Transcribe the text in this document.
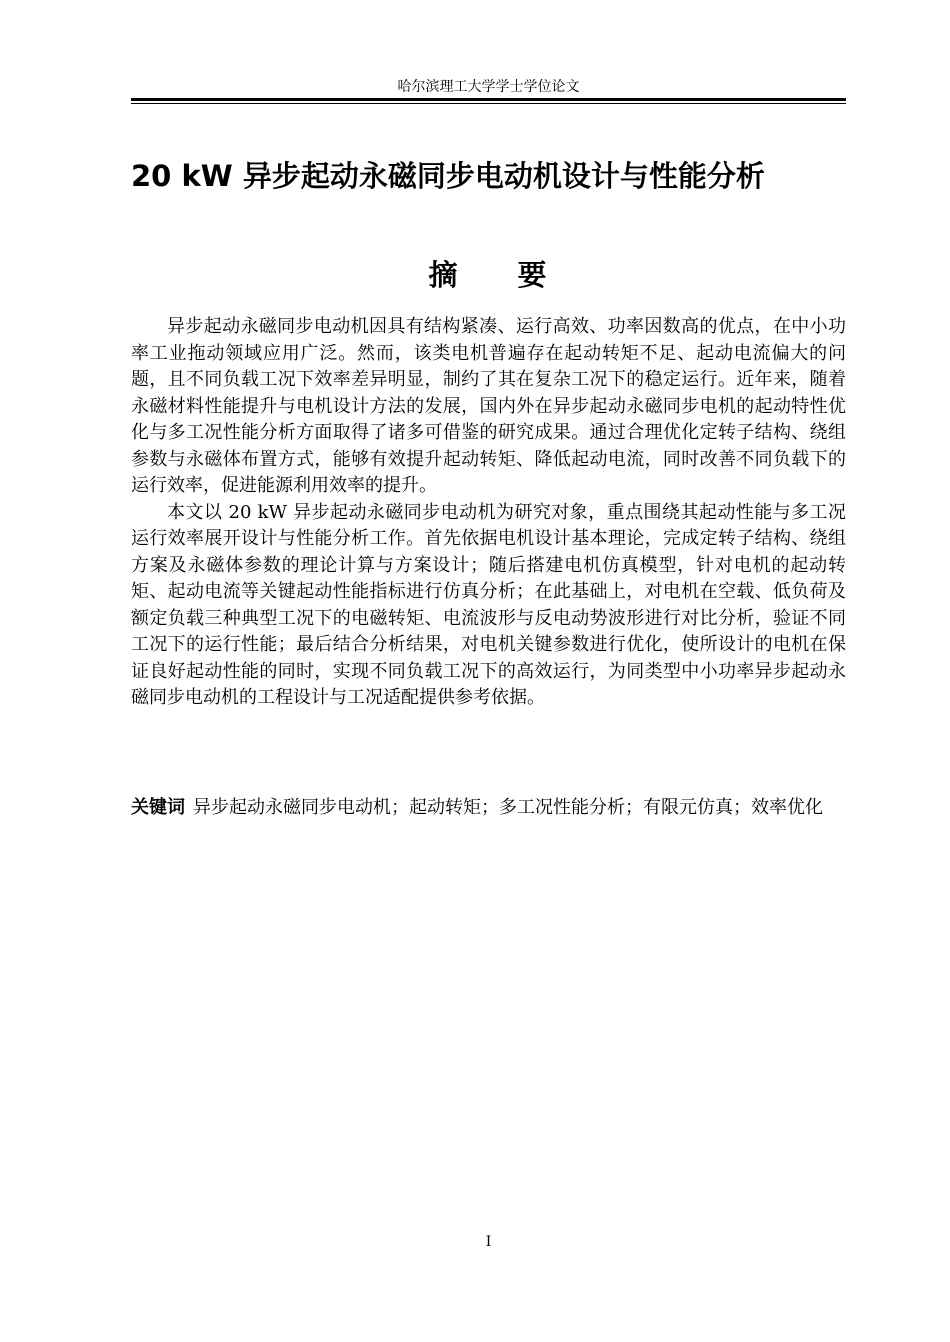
哈尔滨理工大学学士学位论文
20 kW 异步起动永磁同步电动机设计与性能分析
摘 要

异步起动永磁同步电动机因具有结构紧凑、运行高效、功率因数高的优点，在中小功率工业拖动领域应用广泛。然而，该类电机普遍存在起动转矩不足、起动电流偏大的问题，且不同负载工况下效率差异明显，制约了其在复杂工况下的稳定运行。近年来，随着永磁材料性能提升与电机设计方法的发展，国内外在异步起动永磁同步电机的起动特性优化与多工况性能分析方面取得了诸多可借鉴的研究成果。通过合理优化定转子结构、绕组参数与永磁体布置方式，能够有效提升起动转矩、降低起动电流，同时改善不同负载下的运行效率，促进能源利用效率的提升。

本文以 20 kW 异步起动永磁同步电动机为研究对象，重点围绕其起动性能与多工况运行效率展开设计与性能分析工作。首先依据电机设计基本理论，完成定转子结构、绕组方案及永磁体参数的理论计算与方案设计；随后搭建电机仿真模型，针对电机的起动转矩、起动电流等关键起动性能指标进行仿真分析；在此基础上，对电机在空载、低负荷及额定负载三种典型工况下的电磁转矩、电流波形与反电动势波形进行对比分析，验证不同工况下的运行性能；最后结合分析结果，对电机关键参数进行优化，使所设计的电机在保证良好起动性能的同时，实现不同负载工况下的高效运行，为同类型中小功率异步起动永磁同步电动机的工程设计与工况适配提供参考依据。

关键词 异步起动永磁同步电动机；起动转矩；多工况性能分析；有限元仿真；效率优化
I
